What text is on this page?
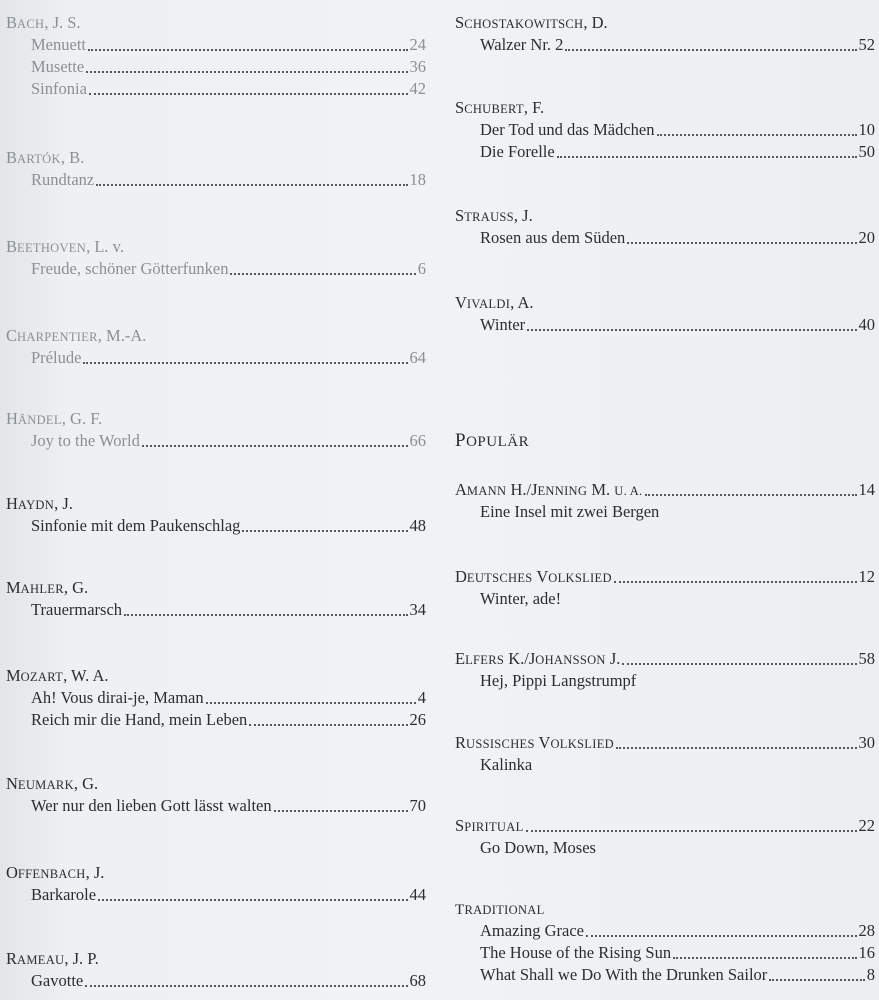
BACH, J. S.
Menuett	24
Musette	36
Sinfonia	42
BARTÓK, B.
Rundtanz	18
BEETHOVEN, L. v.
Freude, schöner Götterfunken	6
CHARPENTIER, M.-A.
Prélude	64
HÄNDEL, G. F.
Joy to the World	66
HAYDN, J.
Sinfonie mit dem Paukenschlag	48
MAHLER, G.
Trauermarsch	34
MOZART, W. A.
Ah! Vous dirai-je, Maman	4
Reich mir die Hand, mein Leben	26
NEUMARK, G.
Wer nur den lieben Gott lässt walten	70
OFFENBACH, J.
Barkarole	44
RAMEAU, J. P.
Gavotte	68
SCHOSTAKOWITSCH, D.
Walzer Nr. 2	52
SCHUBERT, F.
Der Tod und das Mädchen	10
Die Forelle	50
STRAUSS, J.
Rosen aus dem Süden	20
VIVALDI, A.
Winter	40
POPULÄR
AMANN H./JENNING M. U. A.	14
Eine Insel mit zwei Bergen
DEUTSCHES VOLKSLIED	12
Winter, ade!
ELFERS K./JOHANSSON J.	58
Hej, Pippi Langstrumpf
RUSSISCHES VOLKSLIED	30
Kalinka
SPIRITUAL	22
Go Down, Moses
TRADITIONAL
Amazing Grace	28
The House of the Rising Sun	16
What Shall we Do With the Drunken Sailor	8
